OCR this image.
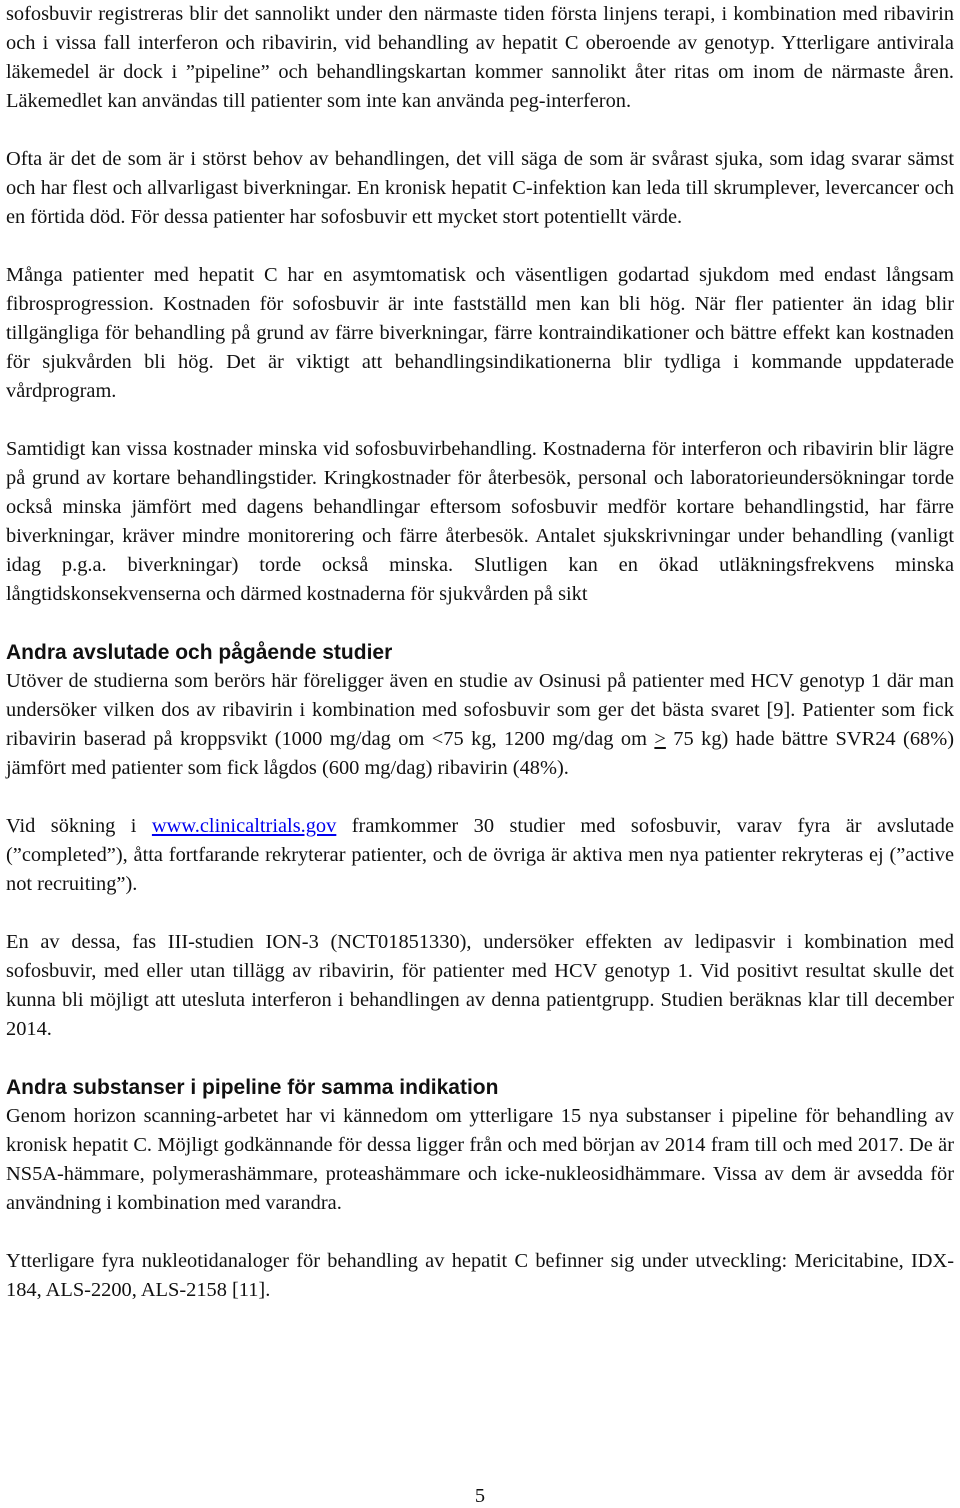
sofosbuvir registreras blir det sannolikt under den närmaste tiden första linjens terapi, i kombination med ribavirin och i vissa fall interferon och ribavirin, vid behandling av hepatit C oberoende av genotyp. Ytterligare antivirala läkemedel är dock i ”pipeline” och behandlingskartan kommer sannolikt åter ritas om inom de närmaste åren. Läkemedlet kan användas till patienter som inte kan använda peg-interferon.

Ofta är det de som är i störst behov av behandlingen, det vill säga de som är svårast sjuka, som idag svarar sämst och har flest och allvarligast biverkningar. En kronisk hepatit C-infektion kan leda till skrumplever, levercancer och en förtida död. För dessa patienter har sofosbuvir ett mycket stort potentiellt värde.

Många patienter med hepatit C har en asymtomatisk och väsentligen godartad sjukdom med endast långsam fibrosprogression. Kostnaden för sofosbuvir är inte fastställd men kan bli hög. När fler patienter än idag blir tillgängliga för behandling på grund av färre biverkningar, färre kontraindikationer och bättre effekt kan kostnaden för sjukvården bli hög. Det är viktigt att behandlingsindikationerna blir tydliga i kommande uppdaterade vårdprogram.

Samtidigt kan vissa kostnader minska vid sofosbuvirbehandling. Kostnaderna för interferon och ribavirin blir lägre på grund av kortare behandlingstider. Kringkostnader för återbesök, personal och laboratorieundersökningar torde också minska jämfört med dagens behandlingar eftersom sofosbuvir medför kortare behandlingstid, har färre biverkningar, kräver mindre monitorering och färre återbesök. Antalet sjukskrivningar under behandling (vanligt idag p.g.a. biverkningar) torde också minska. Slutligen kan en ökad utläkningsfrekvens minska långtidskonsekvenserna och därmed kostnaderna för sjukvården på sikt

Andra avslutade och pågående studier

Utöver de studierna som berörs här föreligger även en studie av Osinusi på patienter med HCV genotyp 1 där man undersöker vilken dos av ribavirin i kombination med sofosbuvir som ger det bästa svaret [9]. Patienter som fick ribavirin baserad på kroppsvikt (1000 mg/dag om <75 kg, 1200 mg/dag om ≥ 75 kg) hade bättre SVR24 (68%) jämfört med patienter som fick lågdos (600 mg/dag) ribavirin (48%).

Vid sökning i www.clinicaltrials.gov framkommer 30 studier med sofosbuvir, varav fyra är avslutade (”completed”), åtta fortfarande rekryterar patienter, och de övriga är aktiva men nya patienter rekryteras ej (”active not recruiting”).

En av dessa, fas III-studien ION-3 (NCT01851330), undersöker effekten av ledipasvir i kombination med sofosbuvir, med eller utan tillägg av ribavirin, för patienter med HCV genotyp 1. Vid positivt resultat skulle det kunna bli möjligt att utesluta interferon i behandlingen av denna patientgrupp. Studien beräknas klar till december 2014.

Andra substanser i pipeline för samma indikation

Genom horizon scanning-arbetet har vi kännedom om ytterligare 15 nya substanser i pipeline för behandling av kronisk hepatit C. Möjligt godkännande för dessa ligger från och med början av 2014 fram till och med 2017. De är NS5A-hämmare, polymerashämmare, proteashämmare och icke-nukleosidhämmare. Vissa av dem är avsedda för användning i kombination med varandra.

Ytterligare fyra nukleotidanaloger för behandling av hepatit C befinner sig under utveckling: Mericitabine, IDX-184, ALS-2200, ALS-2158 [11].

5
